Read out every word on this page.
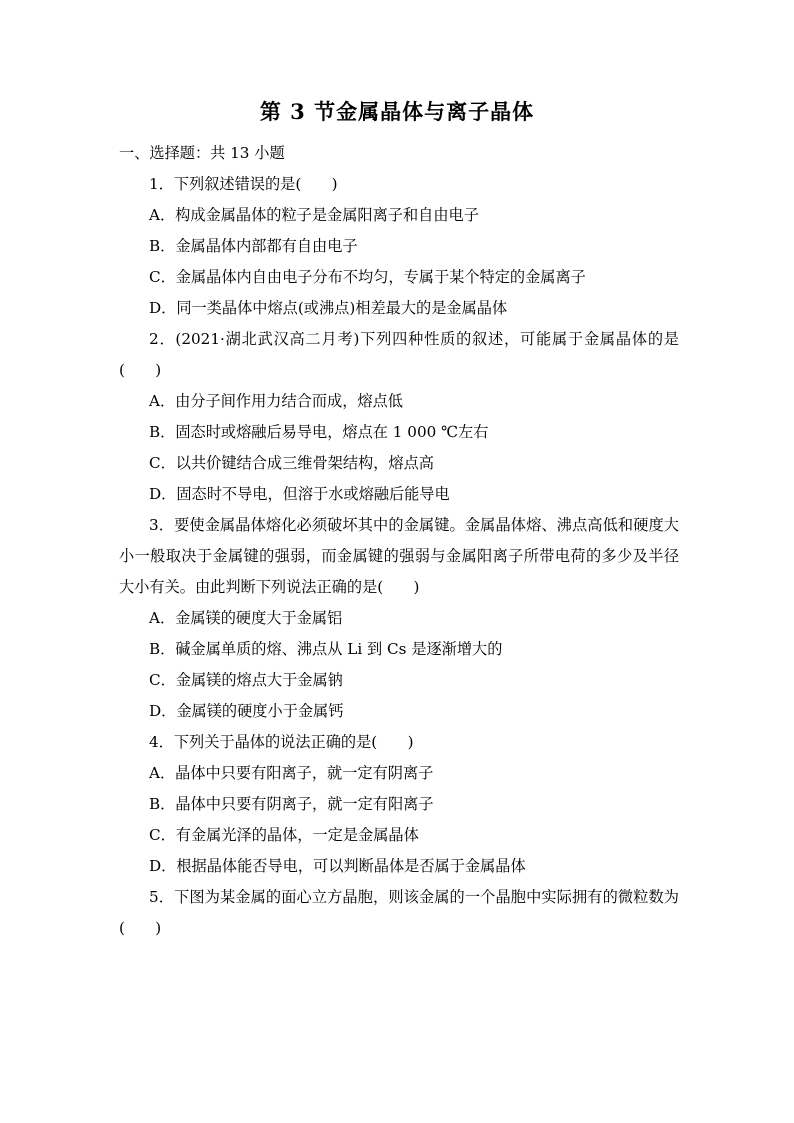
第 3 节金属晶体与离子晶体
一、选择题：共 13 小题
1．下列叙述错误的是(　　)
A．构成金属晶体的粒子是金属阳离子和自由电子
B．金属晶体内部都有自由电子
C．金属晶体内自由电子分布不均匀，专属于某个特定的金属离子
D．同一类晶体中熔点(或沸点)相差最大的是金属晶体
2．(2021·湖北武汉高二月考)下列四种性质的叙述，可能属于金属晶体的是(　　)
A．由分子间作用力结合而成，熔点低
B．固态时或熔融后易导电，熔点在 1 000 ℃左右
C．以共价键结合成三维骨架结构，熔点高
D．固态时不导电，但溶于水或熔融后能导电
3．要使金属晶体熔化必须破坏其中的金属键。金属晶体熔、沸点高低和硬度大小一般取决于金属键的强弱，而金属键的强弱与金属阳离子所带电荷的多少及半径大小有关。由此判断下列说法正确的是(　　)
A．金属镁的硬度大于金属铝
B．碱金属单质的熔、沸点从 Li 到 Cs 是逐渐增大的
C．金属镁的熔点大于金属钠
D．金属镁的硬度小于金属钙
4．下列关于晶体的说法正确的是(　　)
A．晶体中只要有阳离子，就一定有阴离子
B．晶体中只要有阴离子，就一定有阳离子
C．有金属光泽的晶体，一定是金属晶体
D．根据晶体能否导电，可以判断晶体是否属于金属晶体
5．下图为某金属的面心立方晶胞，则该金属的一个晶胞中实际拥有的微粒数为(　　)
